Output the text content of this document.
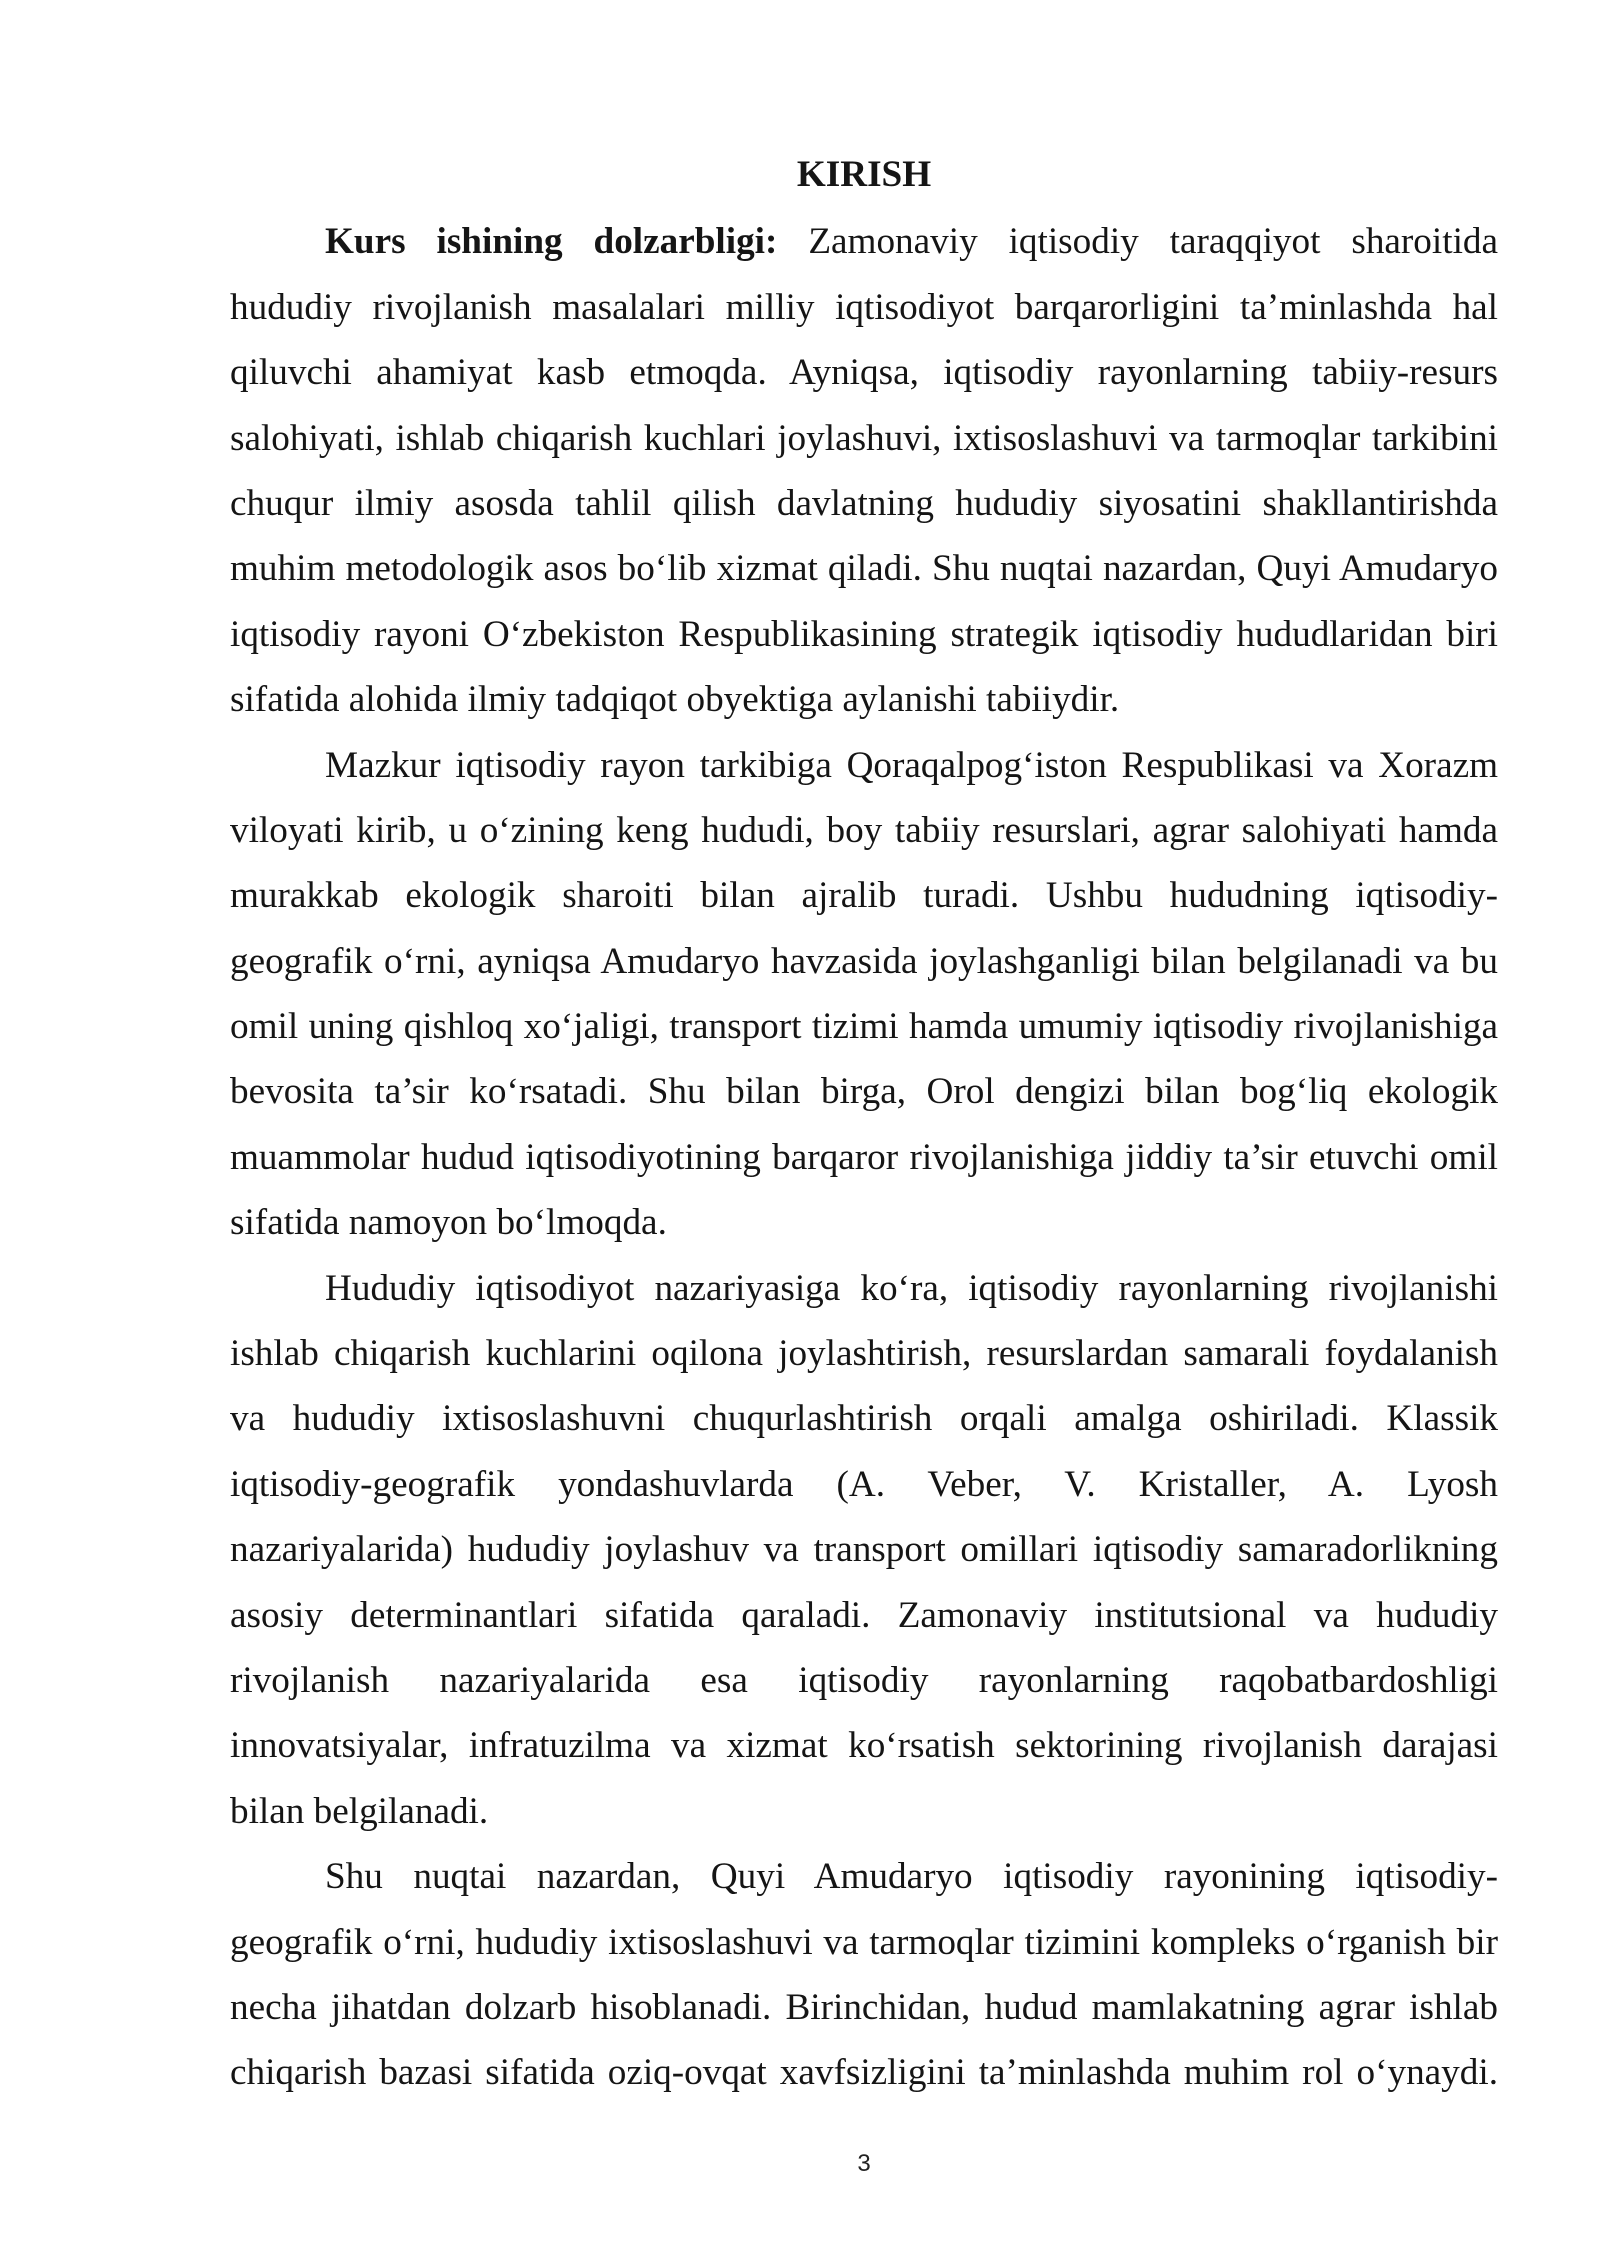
KIRISH
Kurs ishining dolzarbligi: Zamonaviy iqtisodiy taraqqiyot sharoitida
hududiy rivojlanish masalalari milliy iqtisodiyot barqarorligini ta’minlashda hal
qiluvchi ahamiyat kasb etmoqda. Ayniqsa, iqtisodiy rayonlarning tabiiy-resurs
salohiyati, ishlab chiqarish kuchlari joylashuvi, ixtisoslashuvi va tarmoqlar tarkibini
chuqur ilmiy asosda tahlil qilish davlatning hududiy siyosatini shakllantirishda
muhim metodologik asos bo‘lib xizmat qiladi. Shu nuqtai nazardan, Quyi Amudaryo
iqtisodiy rayoni O‘zbekiston Respublikasining strategik iqtisodiy hududlaridan biri
sifatida alohida ilmiy tadqiqot obyektiga aylanishi tabiiydir.
Mazkur iqtisodiy rayon tarkibiga Qoraqalpog‘iston Respublikasi va Xorazm
viloyati kirib, u o‘zining keng hududi, boy tabiiy resurslari, agrar salohiyati hamda
murakkab ekologik sharoiti bilan ajralib turadi. Ushbu hududning iqtisodiy-
geografik o‘rni, ayniqsa Amudaryo havzasida joylashganligi bilan belgilanadi va bu
omil uning qishloq xo‘jaligi, transport tizimi hamda umumiy iqtisodiy rivojlanishiga
bevosita ta’sir ko‘rsatadi. Shu bilan birga, Orol dengizi bilan bog‘liq ekologik
muammolar hudud iqtisodiyotining barqaror rivojlanishiga jiddiy ta’sir etuvchi omil
sifatida namoyon bo‘lmoqda.
Hududiy iqtisodiyot nazariyasiga ko‘ra, iqtisodiy rayonlarning rivojlanishi
ishlab chiqarish kuchlarini oqilona joylashtirish, resurslardan samarali foydalanish
va hududiy ixtisoslashuvni chuqurlashtirish orqali amalga oshiriladi. Klassik
iqtisodiy-geografik yondashuvlarda (A. Veber, V. Kristaller, A. Lyosh
nazariyalarida) hududiy joylashuv va transport omillari iqtisodiy samaradorlikning
asosiy determinantlari sifatida qaraladi. Zamonaviy institutsional va hududiy
rivojlanish nazariyalarida esa iqtisodiy rayonlarning raqobatbardoshligi
innovatsiyalar, infratuzilma va xizmat ko‘rsatish sektorining rivojlanish darajasi
bilan belgilanadi.
Shu nuqtai nazardan, Quyi Amudaryo iqtisodiy rayonining iqtisodiy-
geografik o‘rni, hududiy ixtisoslashuvi va tarmoqlar tizimini kompleks o‘rganish bir
necha jihatdan dolzarb hisoblanadi. Birinchidan, hudud mamlakatning agrar ishlab
chiqarish bazasi sifatida oziq-ovqat xavfsizligini ta’minlashda muhim rol o‘ynaydi.
3
